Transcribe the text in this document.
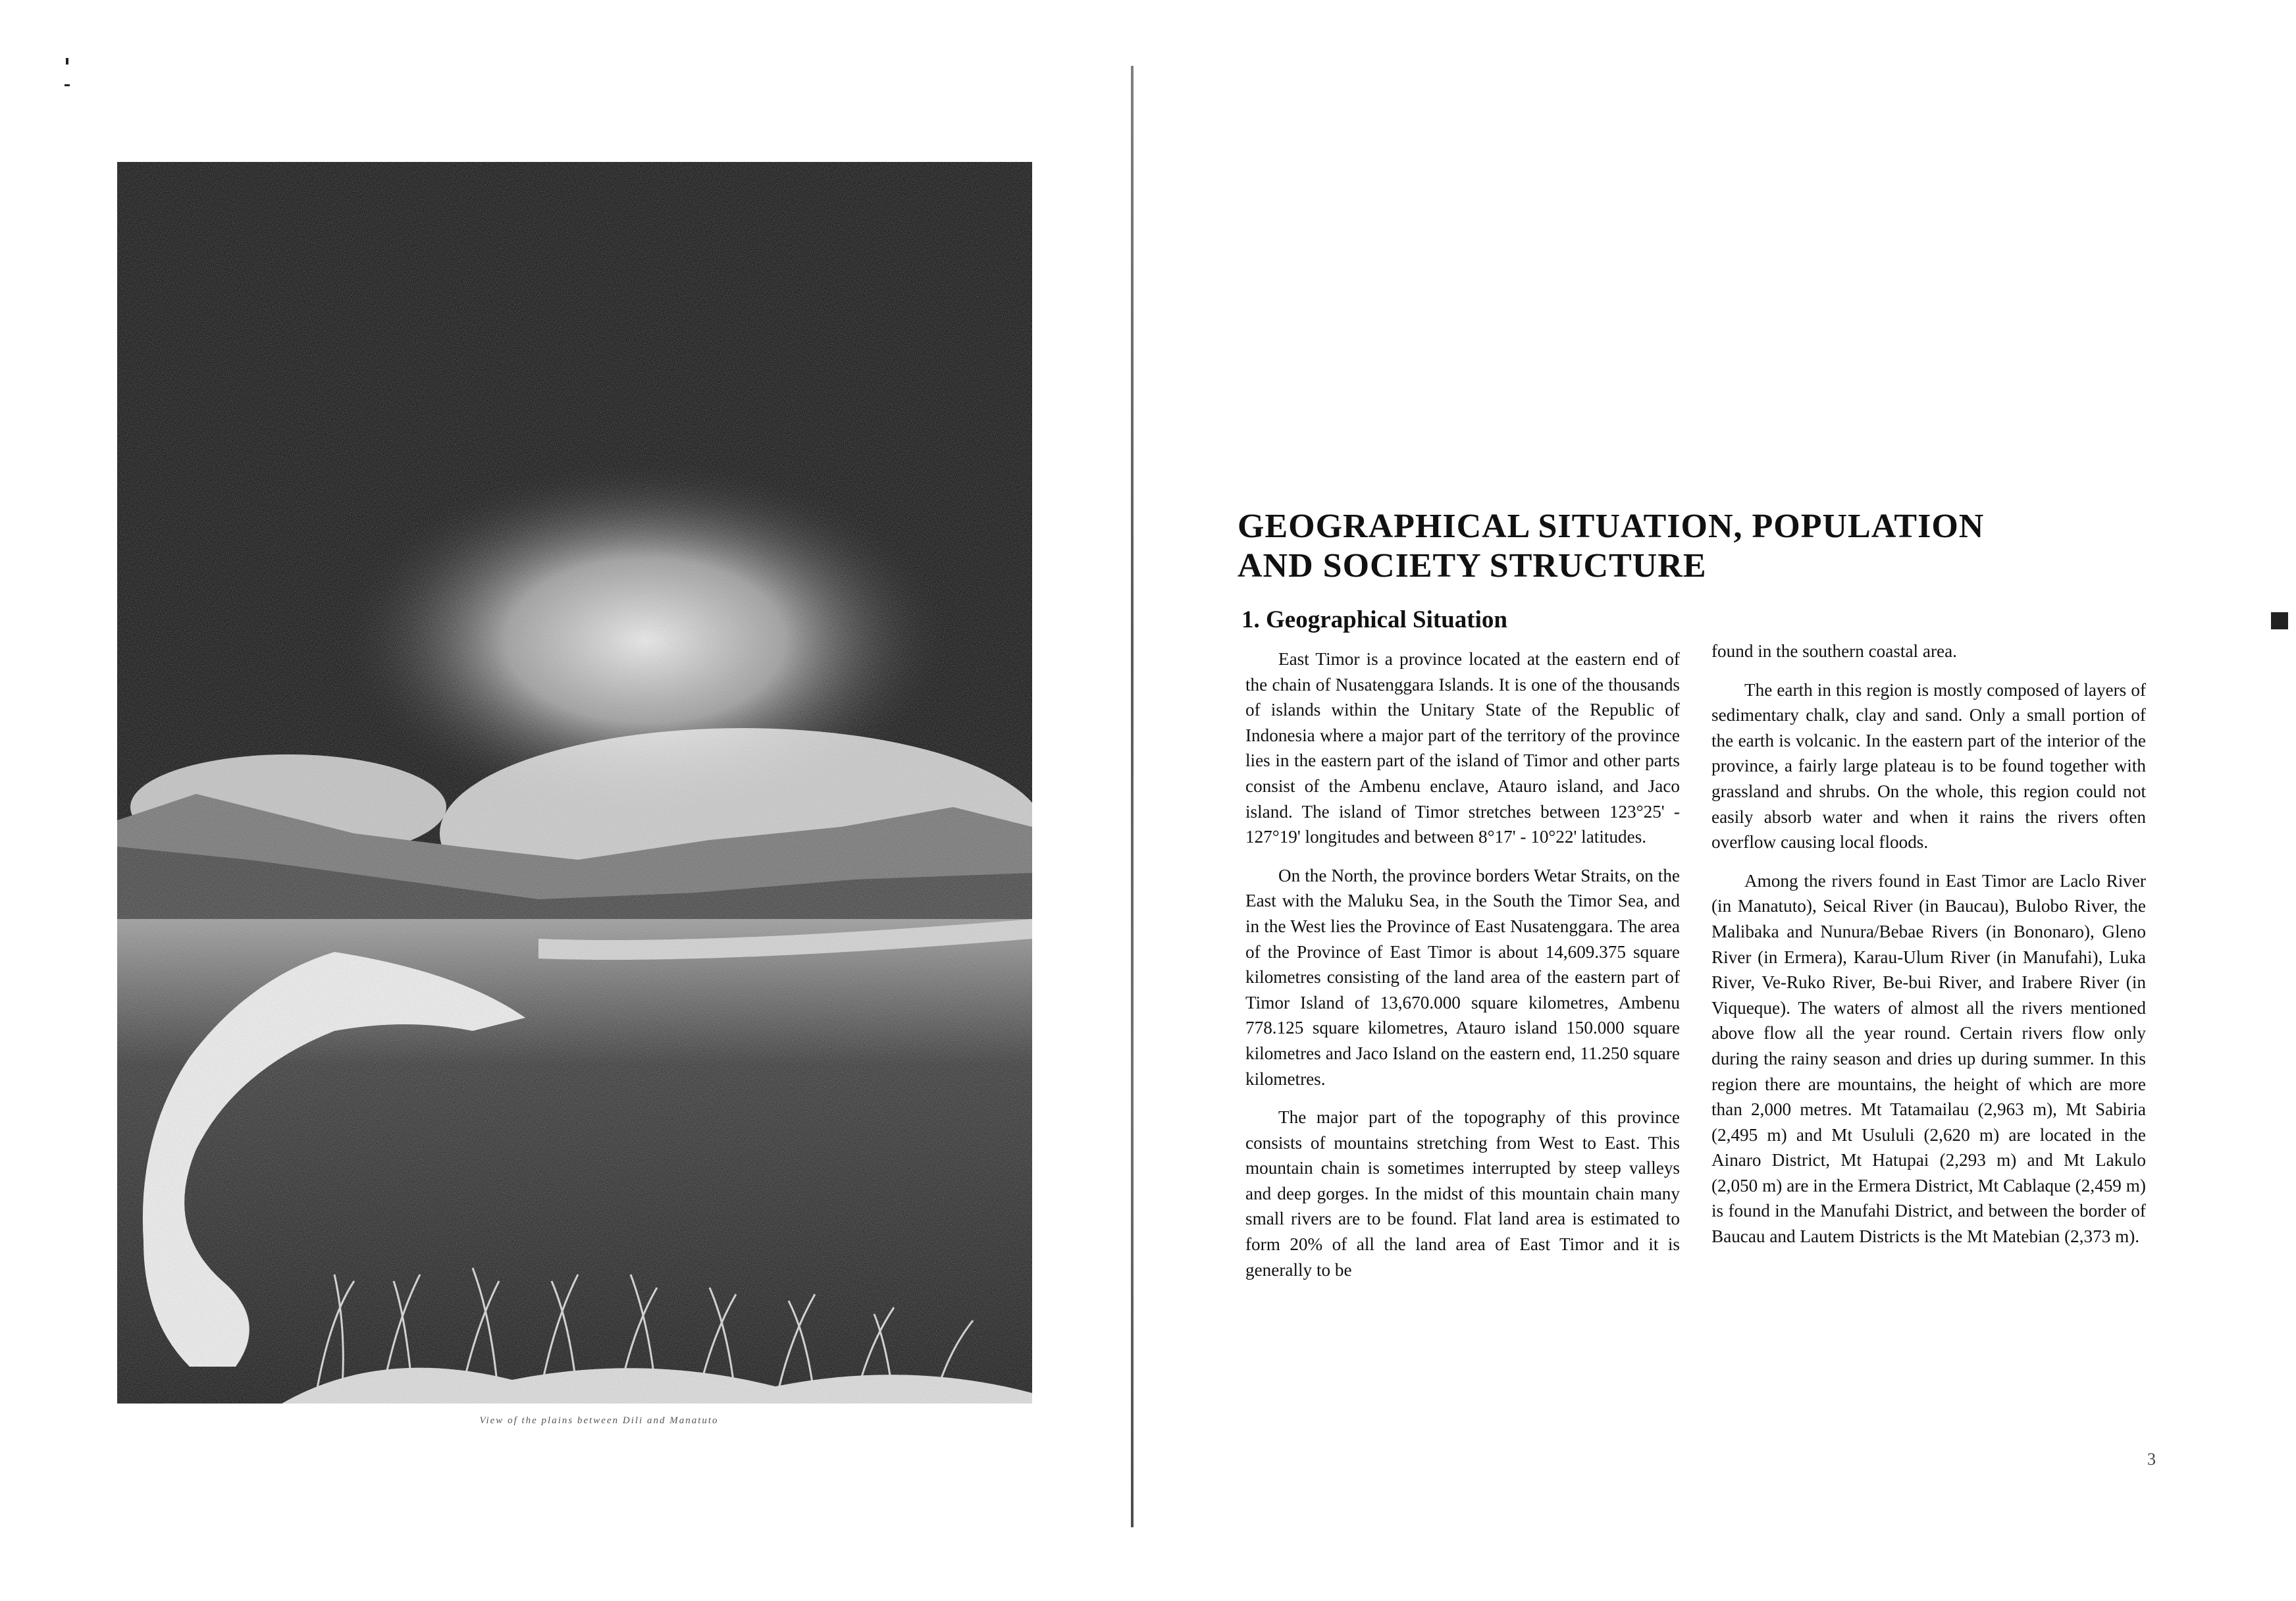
View of the plains between Dili and Manatuto
GEOGRAPHICAL SITUATION, POPULATION
AND SOCIETY STRUCTURE
1. Geographical Situation

East Timor is a province located at the eastern end of the chain of Nusatenggara Islands. It is one of the thousands of islands within the Unitary State of the Republic of Indonesia where a major part of the territory of the province lies in the eastern part of the island of Timor and other parts consist of the Ambenu enclave, Atauro island, and Jaco island. The island of Timor stretches between 123°25' - 127°19' longitudes and between 8°17' - 10°22' latitudes.

On the North, the province borders Wetar Straits, on the East with the Maluku Sea, in the South the Timor Sea, and in the West lies the Province of East Nusatenggara. The area of the Province of East Timor is about 14,609.375 square kilometres consisting of the land area of the eastern part of Timor Island of 13,670.000 square kilometres, Ambenu 778.125 square kilometres, Atauro island 150.000 square kilometres and Jaco Island on the eastern end, 11.250 square kilometres.

The major part of the topography of this province consists of mountains stretching from West to East. This mountain chain is sometimes interrupted by steep valleys and deep gorges. In the midst of this mountain chain many small rivers are to be found. Flat land area is estimated to form 20% of all the land area of East Timor and it is generally to be

found in the southern coastal area.

The earth in this region is mostly composed of layers of sedimentary chalk, clay and sand. Only a small portion of the earth is volcanic. In the eastern part of the interior of the province, a fairly large plateau is to be found together with grassland and shrubs. On the whole, this region could not easily absorb water and when it rains the rivers often overflow causing local floods.

Among the rivers found in East Timor are Laclo River (in Manatuto), Seical River (in Baucau), Bulobo River, the Malibaka and Nunura/Bebae Rivers (in Bononaro), Gleno River (in Ermera), Karau-Ulum River (in Manufahi), Luka River, Ve-Ruko River, Be-bui River, and Irabere River (in Viqueque). The waters of almost all the rivers mentioned above flow all the year round. Certain rivers flow only during the rainy season and dries up during summer. In this region there are mountains, the height of which are more than 2,000 metres. Mt Tatamailau (2,963 m), Mt Sabiria (2,495 m) and Mt Usululi (2,620 m) are located in the Ainaro District, Mt Hatupai (2,293 m) and Mt Lakulo (2,050 m) are in the Ermera District, Mt Cablaque (2,459 m) is found in the Manufahi District, and between the border of Baucau and Lautem Districts is the Mt Matebian (2,373 m).

3
